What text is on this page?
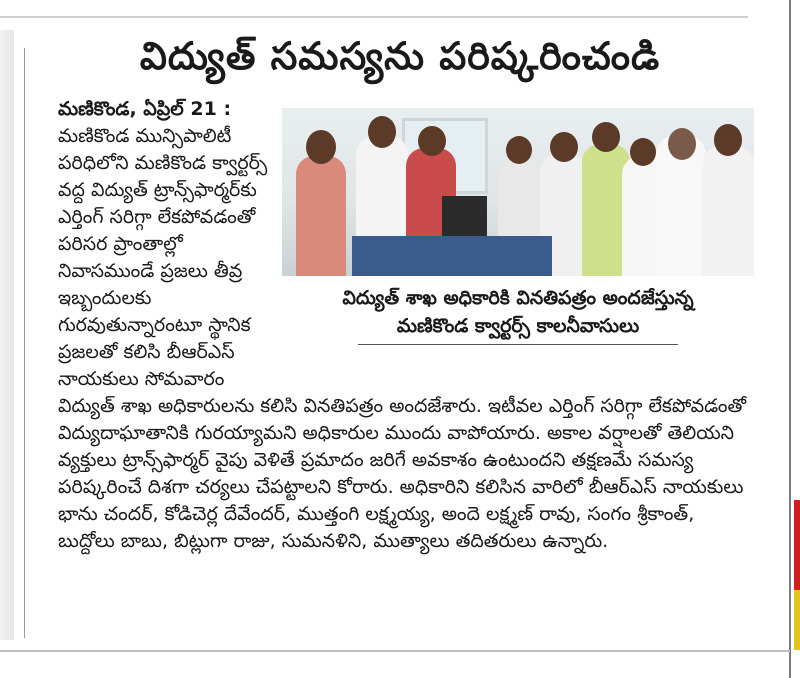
విద్యుత్ సమస్యను పరిష్కరించండి
విద్యుత్ శాఖ అధికారికి వినతిపత్రం అందజేస్తున్న
మణికొండ క్వార్టర్స్ కాలనీవాసులు

మణికొండ, ఏప్రిల్ 21 : మణికొండ మున్సిపాలిటీ పరిధిలోని మణికొండ క్వార్టర్స్ వద్ద విద్యుత్ ట్రాన్స్‌ఫార్మర్‌కు ఎర్తింగ్ సరిగ్గా లేకపోవడంతో పరిసర ప్రాంతాల్లో నివాసముండే ప్రజలు తీవ్ర ఇబ్బందులకు గురవుతున్నారంటూ స్థానిక ప్రజలతో కలిసి బీఆర్ఎస్ నాయకులు సోమవారం విద్యుత్ శాఖ అధికారులను కలిసి వినతిపత్రం అందజేశారు. ఇటీవల ఎర్తింగ్ సరిగ్గా లేకపోవడంతో విద్యుదాఘాతానికి గురయ్యామని అధికారుల ముందు వాపోయారు. అకాల వర్షాలతో తెలియని వ్యక్తులు ట్రాన్స్‌ఫార్మర్ వైపు వెళితే ప్రమాదం జరిగే అవకాశం ఉంటుందని తక్షణమే సమస్య పరిష్కరించే దిశగా చర్యలు చేపట్టాలని కోరారు. అధికారిని కలిసిన వారిలో బీఆర్ఎస్ నాయకులు భాను చందర్, కోడిచెర్ల దేవేందర్, ముత్తంగి లక్ష్మయ్య, అందె లక్ష్మణ్ రావు, సంగం శ్రీకాంత్, బుద్దోలు బాబు, బిట్లుగా రాజు, సుమనళిని, ముత్యాలు తదితరులు ఉన్నారు.
